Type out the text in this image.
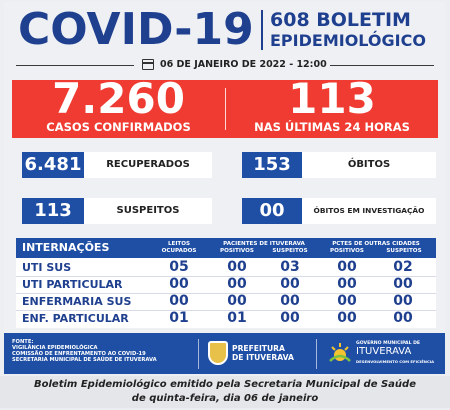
COVID-19 608 BOLETIM
EPIDEMIOLÓGICO
06 DE JANEIRO DE 2022 - 12:00
7.260
CASOS CONFIRMADOS
113
NAS ÚLTIMAS 24 HORAS
6.481	RECUPERADOS	153	ÓBITOS
113	SUSPEITOS	00	ÓBITOS EM INVESTIGAÇÃO
INTERNAÇÕES	LEITOS
OCUPADOS
PACIENTES DE ITUVERAVA
POSITIVOS	SUSPEITOS
PCTES DE OUTRAS CIDADES
POSITIVOS	SUSPEITOS
UTI SUS	05	00	03	00	02
UTI PARTICULAR	00	00	00	00	00
ENFERMARIA SUS	00	00	00	00	00
ENF. PARTICULAR	01	01	00	00	00
FONTE:
VIGILÂNCIA EPIDEMIOLÓGICA
COMISSÃO DE ENFRENTAMENTO AO COVID-19
SECRETARIA MUNICIPAL DE SAÚDE DE ITUVERAVA
PREFEITURA
DE ITUVERAVA
GOVERNO MUNICIPAL DE
ITUVERAVA
DESENVOLVIMENTO COM EFICIÊNCIA
Boletim Epidemiológico emitido pela Secretaria Municipal de Saúde
de quinta-feira, dia 06 de janeiro
